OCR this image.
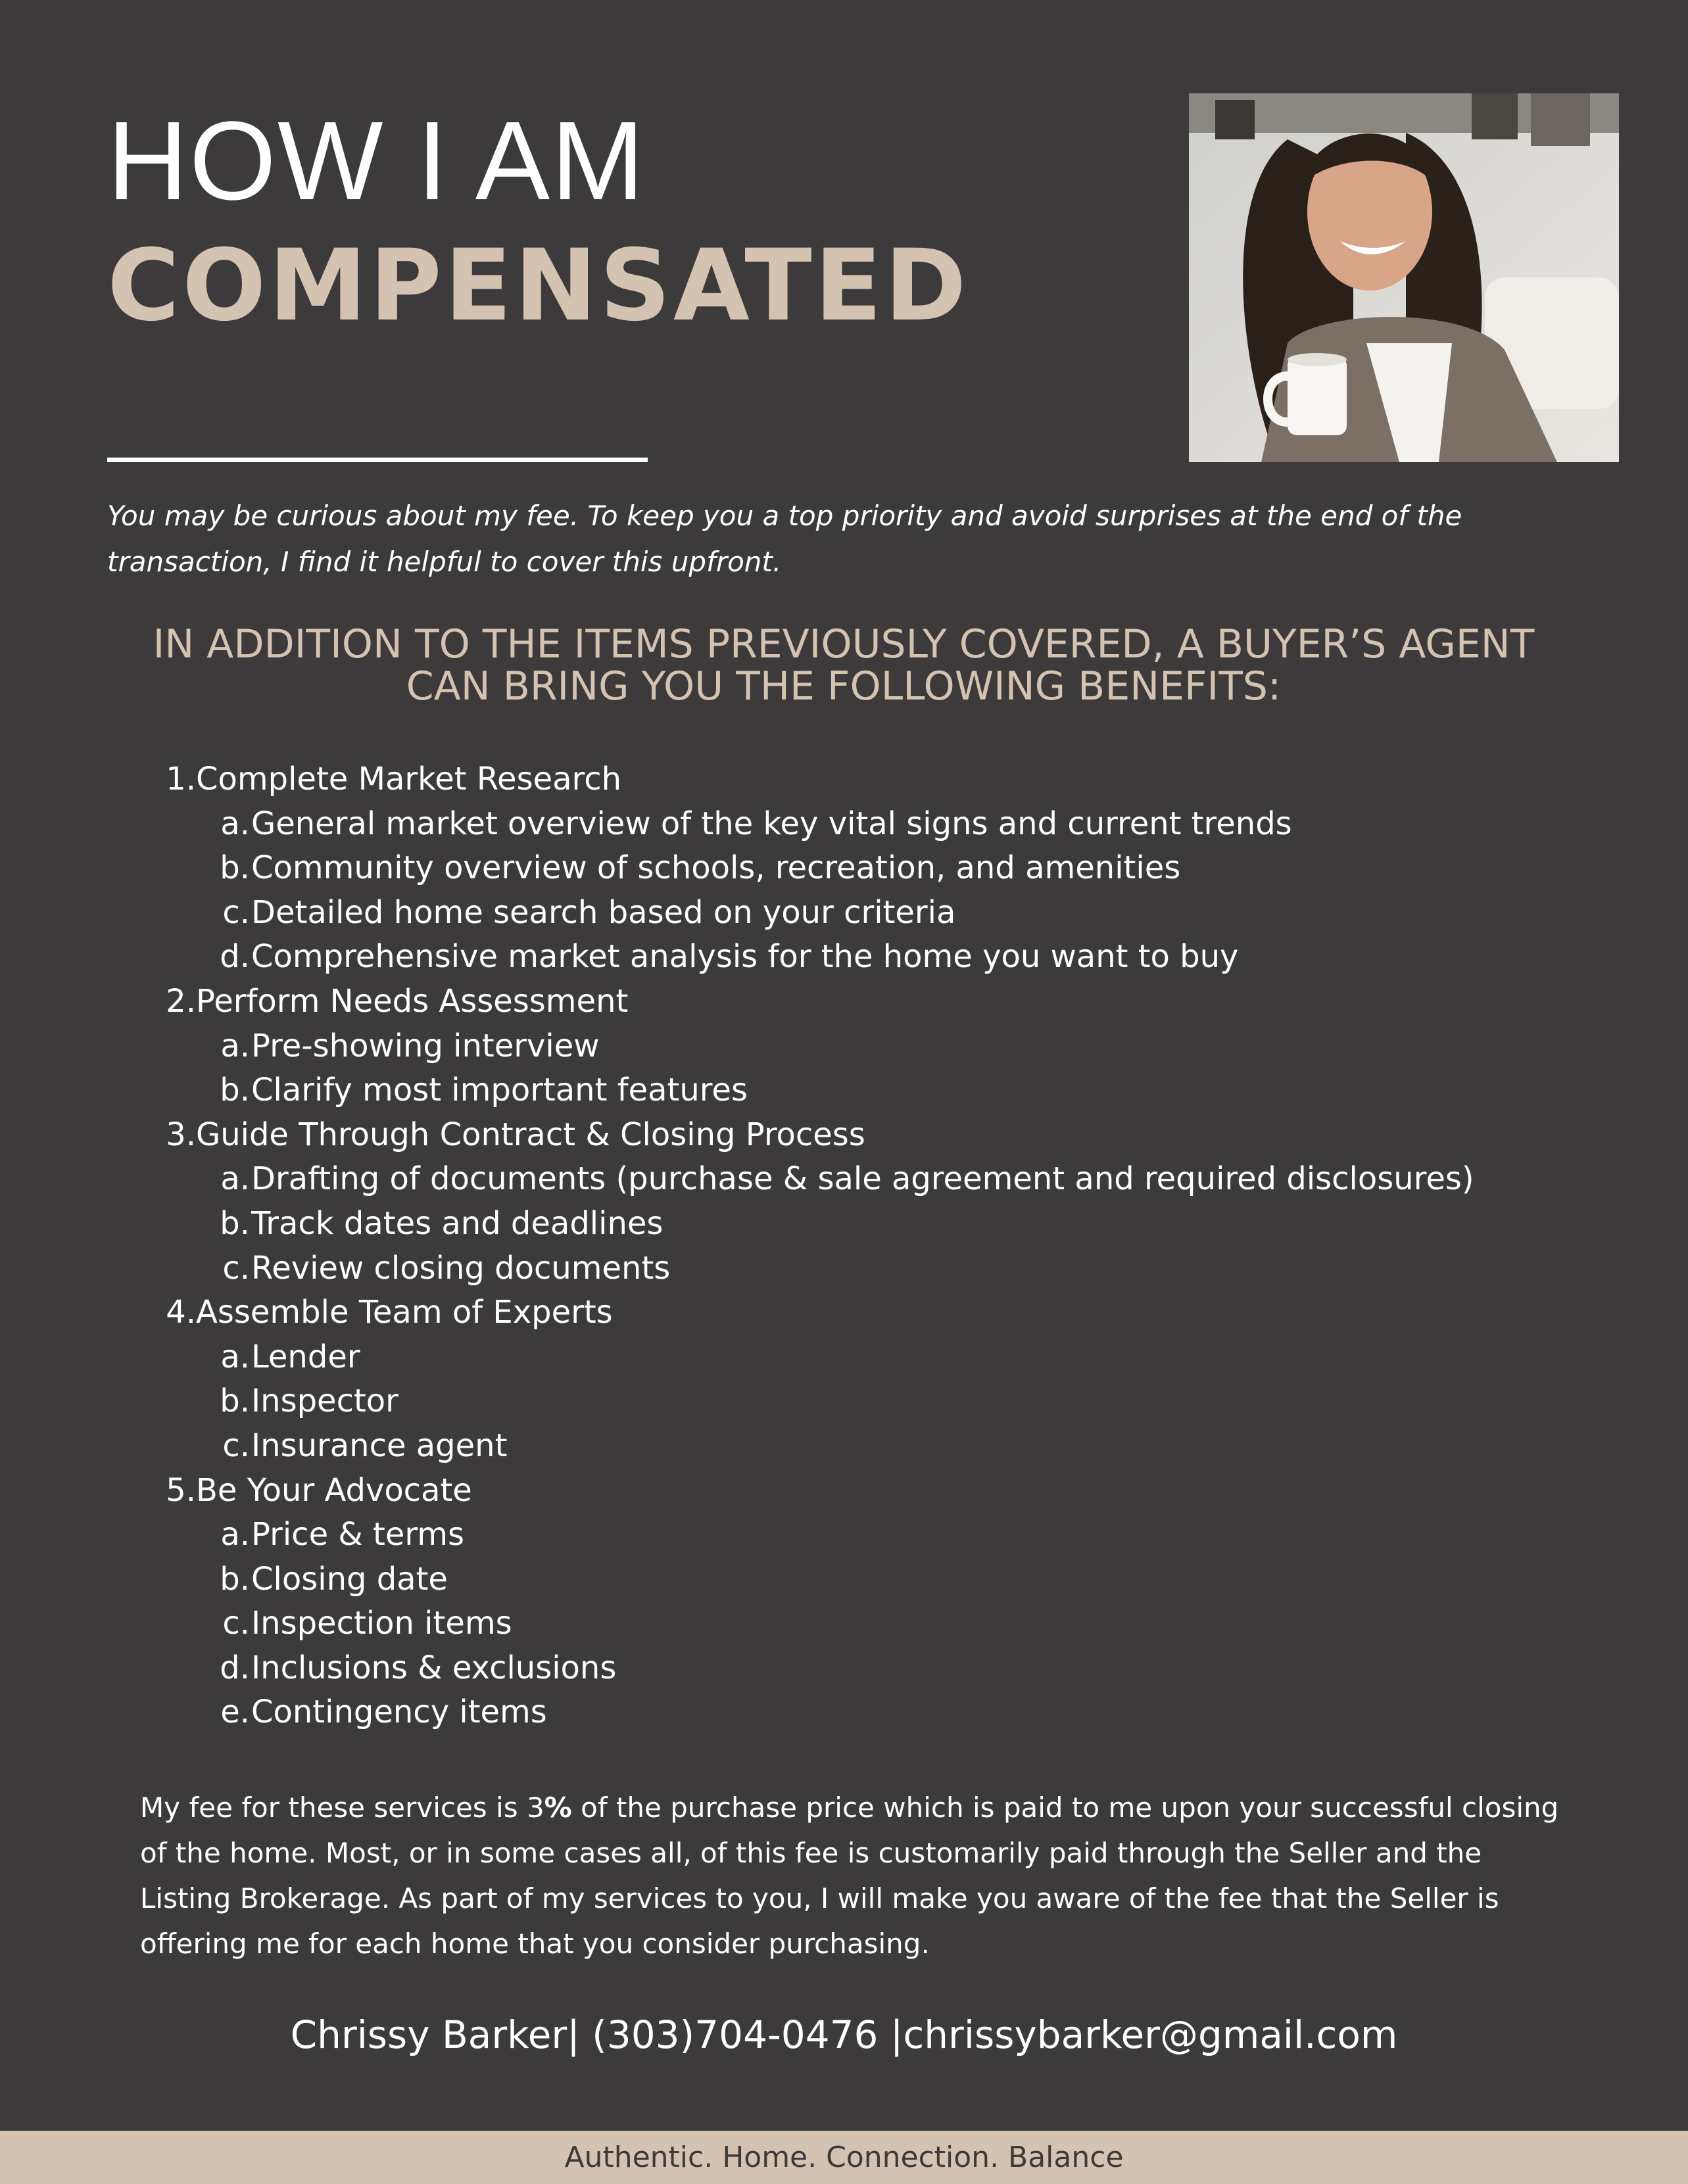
HOW I AM
COMPENSATED
You may be curious about my fee. To keep you a top priority and avoid surprises at the end of the transaction, I find it helpful to cover this upfront.
IN ADDITION TO THE ITEMS PREVIOUSLY COVERED, A BUYER’S AGENT CAN BRING YOU THE FOLLOWING BENEFITS:
1. Complete Market Research
a. General market overview of the key vital signs and current trends
b. Community overview of schools, recreation, and amenities
c. Detailed home search based on your criteria
d. Comprehensive market analysis for the home you want to buy
2. Perform Needs Assessment
a. Pre-showing interview
b. Clarify most important features
3. Guide Through Contract & Closing Process
a. Drafting of documents (purchase & sale agreement and required disclosures)
b. Track dates and deadlines
c. Review closing documents
4. Assemble Team of Experts
a. Lender
b. Inspector
c. Insurance agent
5. Be Your Advocate
a. Price & terms
b. Closing date
c. Inspection items
d. Inclusions & exclusions
e. Contingency items
My fee for these services is 3% of the purchase price which is paid to me upon your successful closing of the home. Most, or in some cases all, of this fee is customarily paid through the Seller and the Listing Brokerage. As part of my services to you, I will make you aware of the fee that the Seller is offering me for each home that you consider purchasing.
Chrissy Barker| (303)704-0476 |chrissybarker@gmail.com
Authentic. Home. Connection. Balance
